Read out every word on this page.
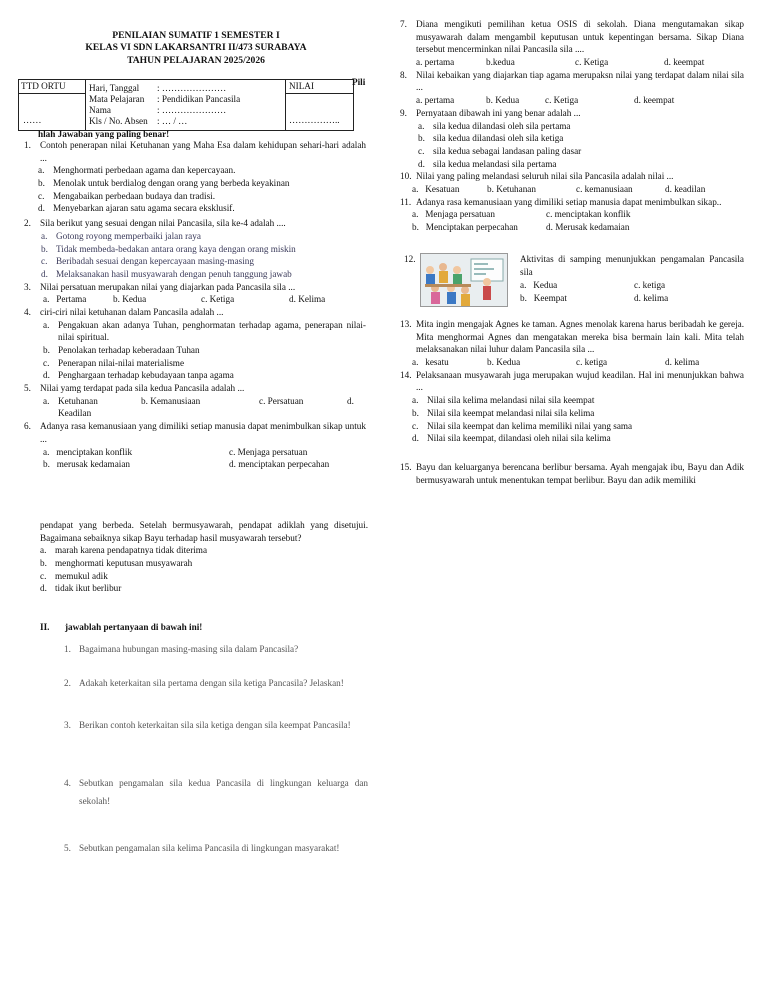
PENILAIAN SUMATIF 1 SEMESTER I
KELAS VI SDN LAKARSANTRI II/473 SURABAYA
TAHUN PELAJARAN 2025/2026
TTD ORTU
……
Hari, Tanggal	: …………………
Mata Pelajaran	: Pendidikan Pancasila
Nama	: …………………
Kls / No. Absen	: … / …
NILAI
……………..
Pili
hlah Jawaban yang paling benar!
1. Contoh penerapan nilai Ketuhanan yang Maha Esa dalam kehidupan sehari-hari adalah ...
a. Menghormati perbedaan agama dan kepercayaan.
b. Menolak untuk berdialog dengan orang yang berbeda keyakinan
c. Mengabaikan perbedaan budaya dan tradisi.
d. Menyebarkan ajaran satu agama secara eksklusif.
2. Sila berikut yang sesuai dengan nilai Pancasila, sila ke-4 adalah ....
a. Gotong royong memperbaiki jalan raya
b. Tidak membeda-bedakan antara orang kaya dengan orang miskin
c. Beribadah sesuai dengan kepercayaan masing-masing
d. Melaksanakan hasil musyawarah dengan penuh tanggung jawab
3. Nilai persatuan merupakan nilai yang diajarkan pada Pancasila sila ...
a. Pertama	b. Kedua	c. Ketiga	d. Kelima
4. ciri-ciri nilai ketuhanan dalam Pancasila adalah ...
a. Pengakuan akan adanya Tuhan, penghormatan terhadap agama, penerapan nilai-nilai spiritual.
b. Penolakan terhadap keberadaan Tuhan
c. Penerapan nilai-nilai materialisme
d. Penghargaan terhadap kebudayaan tanpa agama
5. Nilai yamg terdapat pada sila kedua Pancasila adalah ...
a. Ketuhanan
Keadilan
b. Kemanusiaan	c. Persatuan	d.
6. Adanya rasa kemanusiaan yang dimiliki setiap manusia dapat menimbulkan sikap untuk ...
a. menciptakan konflik	c. Menjaga persatuan
b. merusak kedamaian	d. menciptakan perpecahan
pendapat yang berbeda. Setelah bermusyawarah, pendapat adiklah yang disetujui. Bagaimana sebaiknya sikap Bayu terhadap hasil musyawarah tersebut?
a. marah karena pendapatnya tidak diterima
b. menghormati keputusan musyawarah
c. memukul adik
d. tidak ikut berlibur
II.	jawablah pertanyaan di bawah ini!
1. Bagaimana hubungan masing-masing sila dalam Pancasila?
2. Adakah keterkaitan sila pertama dengan sila ketiga Pancasila? Jelaskan!
3. Berikan contoh keterkaitan sila sila ketiga dengan sila keempat Pancasila!
4. Sebutkan pengamalan sila kedua Pancasila di lingkungan keluarga dan sekolah!
5. Sebutkan pengamalan sila kelima Pancasila di lingkungan masyarakat!
7. Diana mengikuti pemilihan ketua OSIS di sekolah. Diana mengutamakan sikap musyawarah dalam mengambil keputusan untuk kepentingan bersama. Sikap Diana tersebut mencerminkan nilai Pancasila sila ....
a. pertama	b.kedua	c. Ketiga	d. keempat
8. Nilai kebaikan yang diajarkan tiap agama merupaksn nilai yang terdapat dalam nilai sila ...
a. pertama	b. Kedua	c. Ketiga	d. keempat
9. Pernyataan dibawah ini yang benar adalah ...
a. sila kedua dilandasi oleh sila pertama
b. sila kedua dilandasi oleh sila ketiga
c. sila kedua sebagai landasan paling dasar
d. sila kedua melandasi sila pertama
10. Nilai yang paling melandasi seluruh nilai sila Pancasila adalah nilai ...
a. Kesatuan	b. Ketuhanan	c. kemanusiaan	d. keadilan
11. Adanya rasa kemanusiaan yang dimiliki setiap manusia dapat menimbulkan sikap..
a. Menjaga persatuan	c. menciptakan konflik
b. Menciptakan perpecahan	d. Merusak kedamaian
12.	Aktivitas di samping menunjukkan pengamalan Pancasila sila
a. Kedua	c. ketiga
b. Keempat	d. kelima
13. Mita ingin mengajak Agnes ke taman. Agnes menolak karena harus beribadah ke gereja. Mita menghormai Agnes dan mengatakan mereka bisa bermain lain kali. Mita telah melaksanakan nilai luhur dalam Pancasila sila ...
a. kesatu	b. Kedua	c. ketiga	d. kelima
14. Pelaksanaan musyawarah juga merupakan wujud keadilan. Hal ini menunjukkan bahwa ...
a. Nilai sila kelima melandasi nilai sila keempat
b. Nilai sila keempat melandasi nilai sila kelima
c. Nilai sila keempat dan kelima memiliki nilai yang sama
d. Nilai sila keempat, dilandasi oleh nilai sila kelima
15. Bayu dan keluarganya berencana berlibur bersama. Ayah mengajak ibu, Bayu dan Adik bermusyawarah untuk menentukan tempat berlibur. Bayu dan adik memiliki
